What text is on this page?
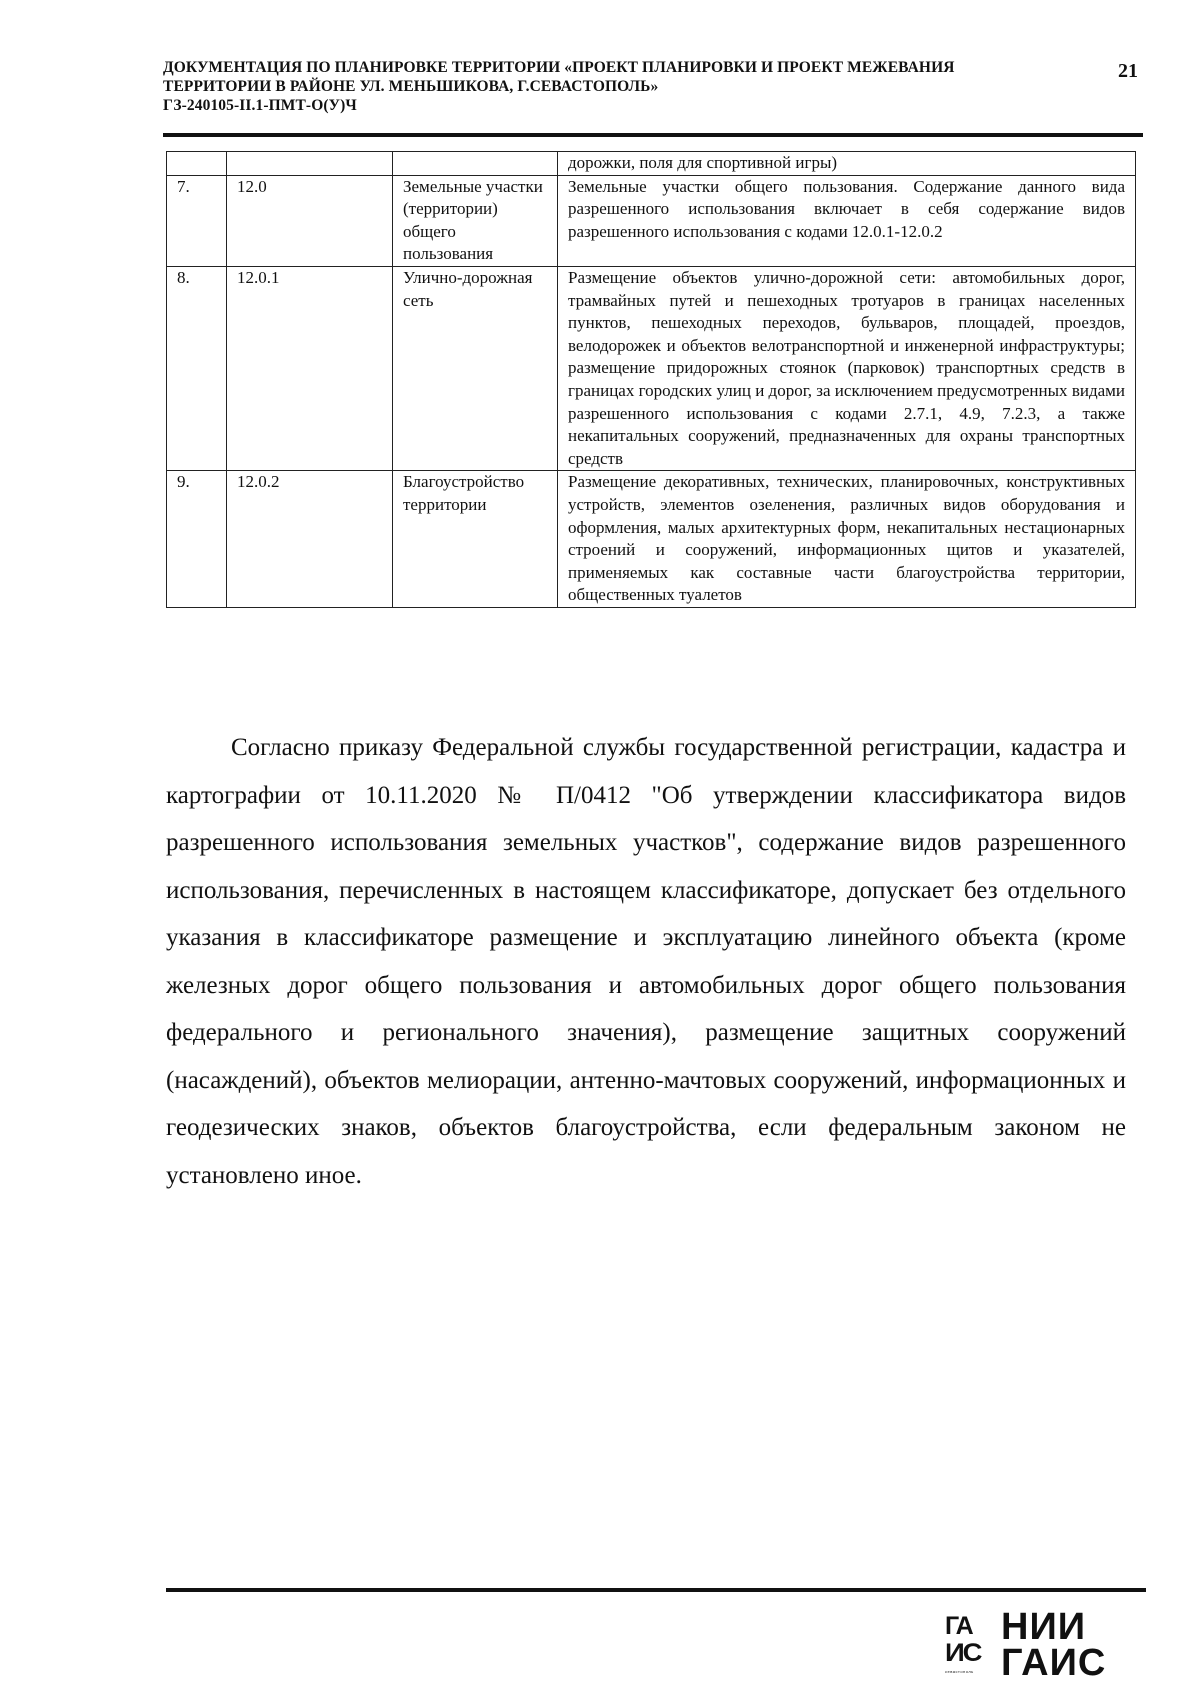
ДОКУМЕНТАЦИЯ ПО ПЛАНИРОВКЕ ТЕРРИТОРИИ «ПРОЕКТ ПЛАНИРОВКИ И ПРОЕКТ МЕЖЕВАНИЯ

ТЕРРИТОРИИ В РАЙОНЕ УЛ. МЕНЬШИКОВА, Г.СЕВАСТОПОЛЬ»

ГЗ-240105-II.1-ПМТ-О(У)Ч

21
			дорожки, поля для спортивной игры)
7.	12.0	Земельные участки (территории) общего пользования	Земельные участки общего пользования. Содержание данного вида разрешенного использования включает в себя содержание видов разрешенного использования с кодами 12.0.1-12.0.2
8.	12.0.1	Улично-дорожная сеть	Размещение объектов улично-дорожной сети: автомобильных дорог, трамвайных путей и пешеходных тротуаров в границах населенных пунктов, пешеходных переходов, бульваров, площадей, проездов, велодорожек и объектов велотранспортной и инженерной инфраструктуры; размещение придорожных стоянок (парковок) транспортных средств в границах городских улиц и дорог, за исключением предусмотренных видами разрешенного использования с кодами 2.7.1, 4.9, 7.2.3, а также некапитальных сооружений, предназначенных для охраны транспортных средств
9.	12.0.2	Благоустройство территории	Размещение декоративных, технических, планировочных, конструктивных устройств, элементов озеленения, различных видов оборудования и оформления, малых архитектурных форм, некапитальных нестационарных строений и сооружений, информационных щитов и указателей, применяемых как составные части благоустройства территории, общественных туалетов

Согласно приказу Федеральной службы государственной регистрации, кадастра и картографии от 10.11.2020 № П/0412 "Об утверждении классификатора видов разрешенного использования земельных участков", содержание видов разрешенного использования, перечисленных в настоящем классификаторе, допускает без отдельного указания в классификаторе размещение и эксплуатацию линейного объекта (кроме железных дорог общего пользования и автомобильных дорог общего пользования федерального и регионального значения), размещение защитных сооружений (насаждений), объектов мелиорации, антенно-мачтовых сооружений, информационных и геодезических знаков, объектов благоустройства, если федеральным законом не установлено иное.

ГА
ИС
НИИ
ГАИС
севастополь
